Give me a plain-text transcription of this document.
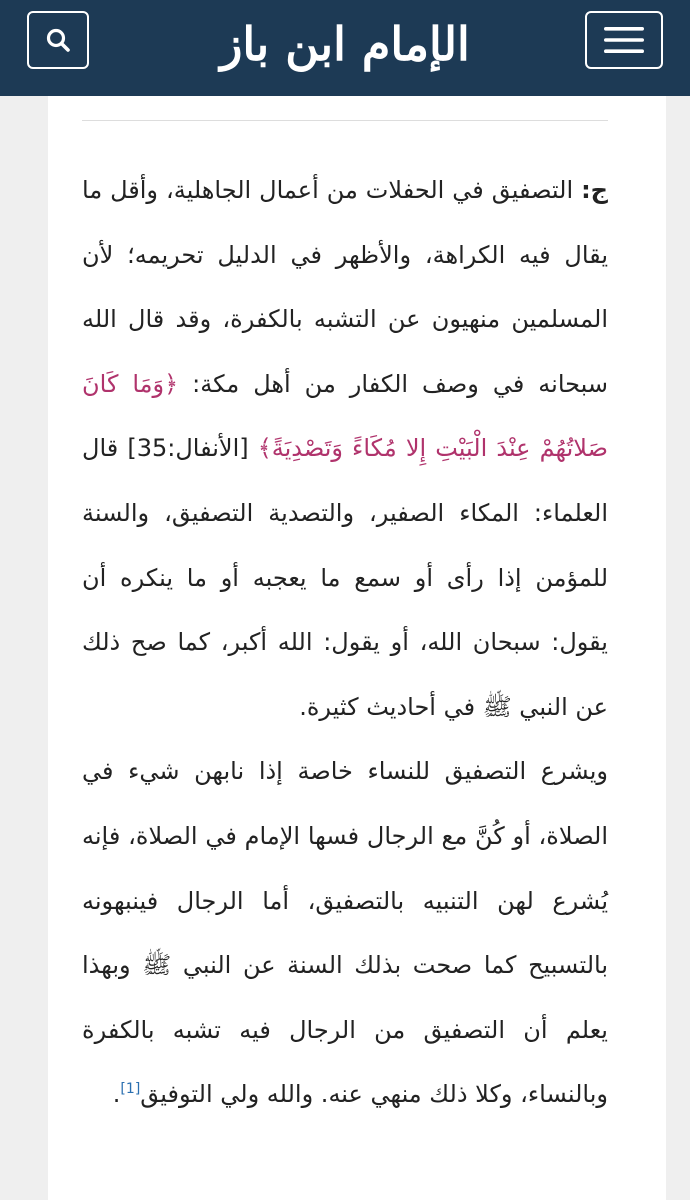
الإمام ابن باز

ج: التصفيق في الحفلات من أعمال الجاهلية، وأقل ما يقال فيه الكراهة، والأظهر في الدليل تحريمه؛ لأن المسلمين منهيون عن التشبه بالكفرة، وقد قال الله سبحانه في وصف الكفار من أهل مكة: ﴿وَمَا كَانَ صَلاتُهُمْ عِنْدَ الْبَيْتِ إِلا مُكَاءً وَتَصْدِيَةً﴾ [الأنفال:35] قال العلماء: المكاء الصفير، والتصدية التصفيق، والسنة للمؤمن إذا رأى أو سمع ما يعجبه أو ما ينكره أن يقول: سبحان الله، أو يقول: الله أكبر، كما صح ذلك عن النبي ﷺ في أحاديث كثيرة.

ويشرع التصفيق للنساء خاصة إذا نابهن شيء في الصلاة، أو كُنَّ مع الرجال فسها الإمام في الصلاة، فإنه يُشرع لهن التنبيه بالتصفيق، أما الرجال فينبهونه بالتسبيح كما صحت بذلك السنة عن النبي ﷺ وبهذا يعلم أن التصفيق من الرجال فيه تشبه بالكفرة وبالنساء، وكلا ذلك منهي عنه. والله ولي التوفيق[1].
